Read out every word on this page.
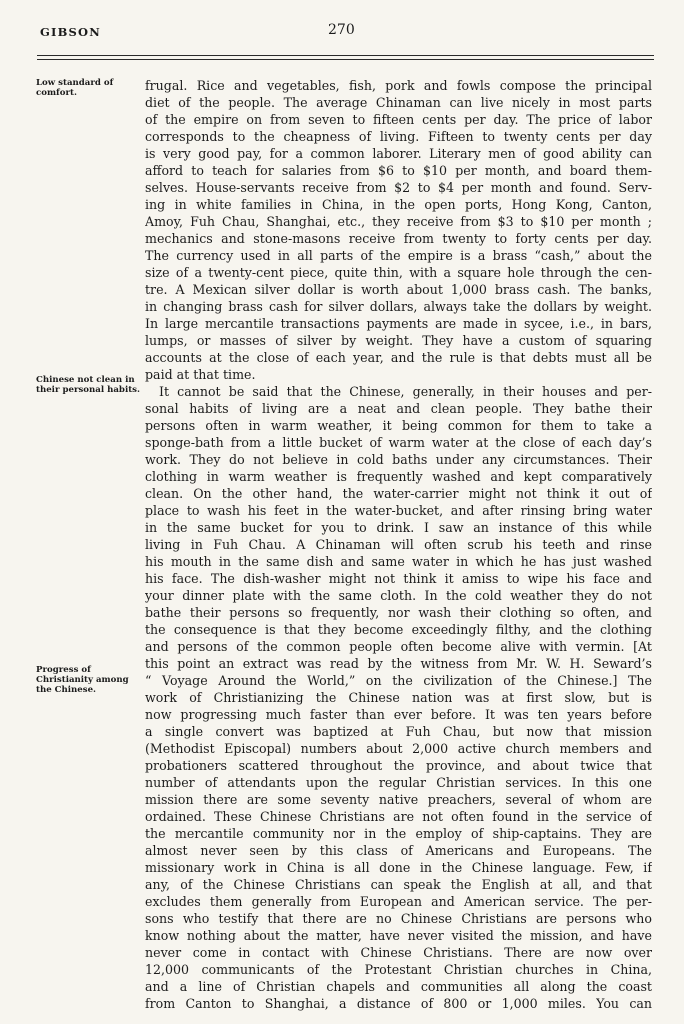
GIBSON	270
Low standard of comfort.
Chinese not clean in their personal habits.
Progress of Christianity among the Chinese.
frugal. Rice and vegetables, fish, pork and fowls compose the principal
diet of the people. The average Chinaman can live nicely in most parts
of the empire on from seven to fifteen cents per day. The price of labor
corresponds to the cheapness of living. Fifteen to twenty cents per day
is very good pay, for a common laborer. Literary men of good ability can
afford to teach for salaries from $6 to $10 per month, and board them-
selves. House-servants receive from $2 to $4 per month and found. Serv-
ing in white families in China, in the open ports, Hong Kong, Canton,
Amoy, Fuh Chau, Shanghai, etc., they receive from $3 to $10 per month ;
mechanics and stone-masons receive from twenty to forty cents per day.
The currency used in all parts of the empire is a brass “cash,” about the
size of a twenty-cent piece, quite thin, with a square hole through the cen-
tre. A Mexican silver dollar is worth about 1,000 brass cash. The banks,
in changing brass cash for silver dollars, always take the dollars by weight.
In large mercantile transactions payments are made in sycee, i.e., in bars,
lumps, or masses of silver by weight. They have a custom of squaring
accounts at the close of each year, and the rule is that debts must all be
paid at that time.
It cannot be said that the Chinese, generally, in their houses and per-
sonal habits of living are a neat and clean people. They bathe their
persons often in warm weather, it being common for them to take a
sponge-bath from a little bucket of warm water at the close of each day’s
work. They do not believe in cold baths under any circumstances. Their
clothing in warm weather is frequently washed and kept comparatively
clean. On the other hand, the water-carrier might not think it out of
place to wash his feet in the water-bucket, and after rinsing bring water
in the same bucket for you to drink. I saw an instance of this while
living in Fuh Chau. A Chinaman will often scrub his teeth and rinse
his mouth in the same dish and same water in which he has just washed
his face. The dish-washer might not think it amiss to wipe his face and
your dinner plate with the same cloth. In the cold weather they do not
bathe their persons so frequently, nor wash their clothing so often, and
the consequence is that they become exceedingly filthy, and the clothing
and persons of the common people often become alive with vermin. [At
this point an extract was read by the witness from Mr. W. H. Seward’s
“ Voyage Around the World,” on the civilization of the Chinese.] The
work of Christianizing the Chinese nation was at first slow, but is
now progressing much faster than ever before. It was ten years before
a single convert was baptized at Fuh Chau, but now that mission
(Methodist Episcopal) numbers about 2,000 active church members and
probationers scattered throughout the province, and about twice that
number of attendants upon the regular Christian services. In this one
mission there are some seventy native preachers, several of whom are
ordained. These Chinese Christians are not often found in the service of
the mercantile community nor in the employ of ship-captains. They are
almost never seen by this class of Americans and Europeans. The
missionary work in China is all done in the Chinese language. Few, if
any, of the Chinese Christians can speak the English at all, and that
excludes them generally from European and American service. The per-
sons who testify that there are no Chinese Christians are persons who
know nothing about the matter, have never visited the mission, and have
never come in contact with Chinese Christians. There are now over
12,000 communicants of the Protestant Christian churches in China,
and a line of Christian chapels and communities all along the coast
from Canton to Shanghai, a distance of 800 or 1,000 miles. You can
